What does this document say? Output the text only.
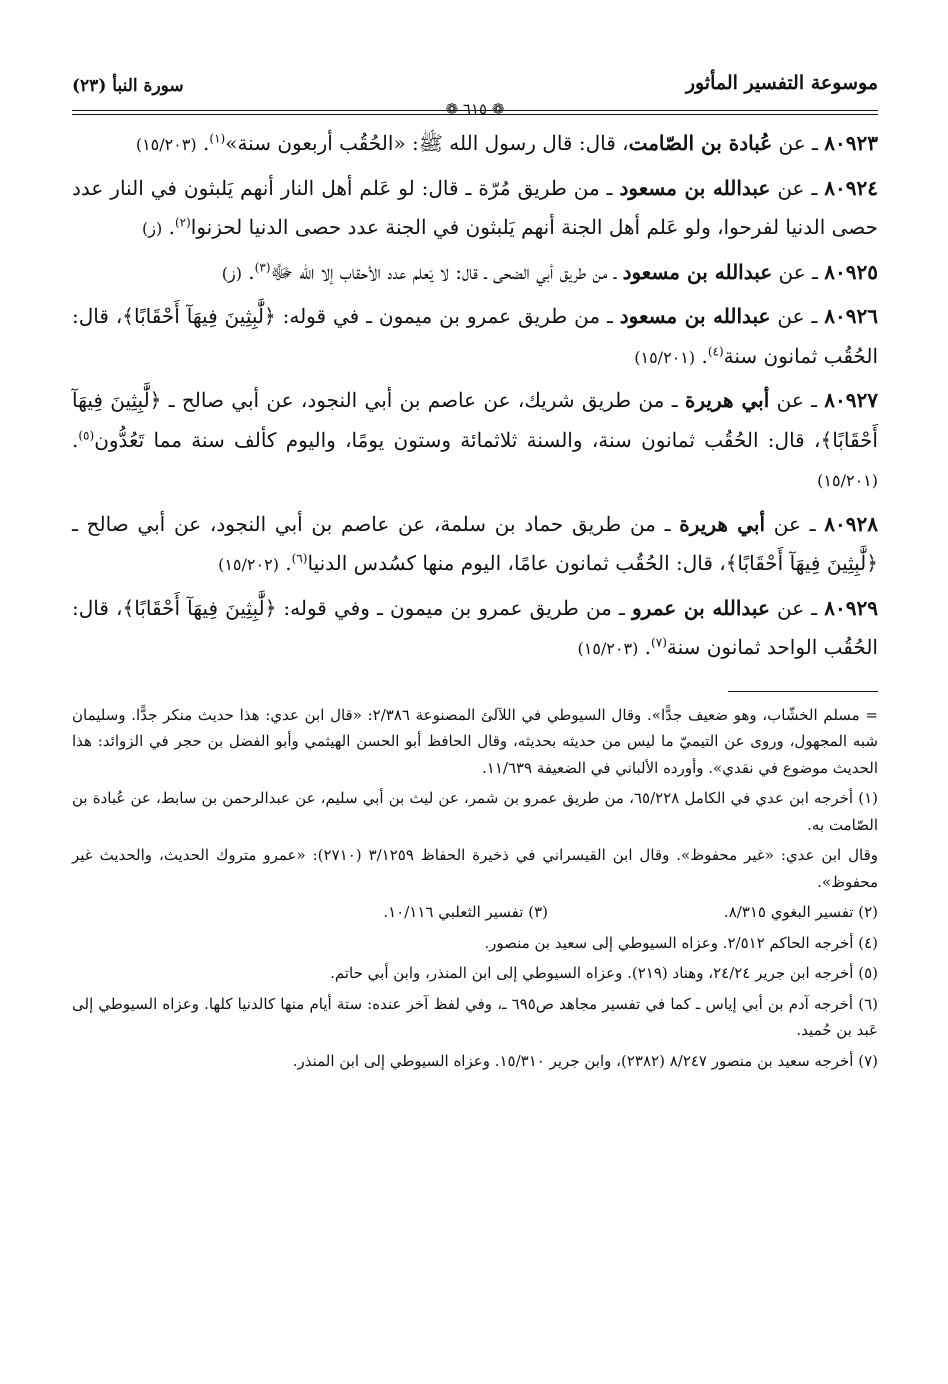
موسوعة التفسير المأثور
سورة النبأ (٢٣)
❁ ٦١٥ ❁

٨٠٩٢٣ ـ عن عُبادة بن الصّامت، قال: قال رسول الله ﷺ: «الحُقُب أربعون سنة»$^{(١)}$. (١٥/٢٠٣)

٨٠٩٢٤ ـ عن عبدالله بن مسعود ـ من طريق مُرّة ـ قال: لو عَلم أهل النار أنهم يَلبثون في النار عدد حصى الدنيا لفرحوا، ولو عَلم أهل الجنة أنهم يَلبثون في الجنة عدد حصى الدنيا لحزنوا$^{(٢)}$. (ز)

٨٠٩٢٥ ـ عن عبدالله بن مسعود ـ من طريق أبي الضحى ـ قال: لا يَعلم عدد الأحقاب إلا الله ﷻ$^{(٣)}$. (ز)

٨٠٩٢٦ ـ عن عبدالله بن مسعود ـ من طريق عمرو بن ميمون ـ في قوله: ﴿لَّٰبِثِينَ فِيهَآ أَحْقَابًا﴾، قال: الحُقُب ثمانون سنة$^{(٤)}$. (١٥/٢٠١)

٨٠٩٢٧ ـ عن أبي هريرة ـ من طريق شريك، عن عاصم بن أبي النجود، عن أبي صالح ـ ﴿لَّٰبِثِينَ فِيهَآ أَحْقَابًا﴾، قال: الحُقُب ثمانون سنة، والسنة ثلاثمائة وستون يومًا، واليوم كألف سنة مما تَعُدُّون$^{(٥)}$. (١٥/٢٠١)

٨٠٩٢٨ ـ عن أبي هريرة ـ من طريق حماد بن سلمة، عن عاصم بن أبي النجود، عن أبي صالح ـ ﴿لَّٰبِثِينَ فِيهَآ أَحْقَابًا﴾، قال: الحُقُب ثمانون عامًا، اليوم منها كسُدس الدنيا$^{(٦)}$. (١٥/٢٠٢)

٨٠٩٢٩ ـ عن عبدالله بن عمرو ـ من طريق عمرو بن ميمون ـ وفي قوله: ﴿لَّٰبِثِينَ فِيهَآ أَحْقَابًا﴾، قال: الحُقُب الواحد ثمانون سنة$^{(٧)}$. (١٥/٢٠٣)

= مسلم الخشّاب، وهو ضعيف جدًّا». وقال السيوطي في اللآلئ المصنوعة ٢/٣٨٦: «قال ابن عدي: هذا حديث منكر جدًّا. وسليمان شبه المجهول، وروى عن التيميّ ما ليس من حديثه بحديثه، وقال الحافظ أبو الحسن الهيثمي وأبو الفضل بن حجر في الزوائد: هذا الحديث موضوع في نقدي». وأورده الألباني في الضعيفة ١١/٦٣٩.

(١) أخرجه ابن عدي في الكامل ٦٥/٢٢٨، من طريق عمرو بن شمر، عن ليث بن أبي سليم، عن عبدالرحمن بن سابط، عن عُبادة بن الصّامت به.

وقال ابن عدي: «غير محفوظ». وقال ابن القيسراني في ذخيرة الحفاظ ٣/١٢٥٩ (٢٧١٠): «عمرو متروك الحديث، والحديث غير محفوظ».

(٢) تفسير البغوي ٨/٣١٥.(٣) تفسير الثعلبي ١٠/١١٦.

(٤) أخرجه الحاكم ٢/٥١٢. وعزاه السيوطي إلى سعيد بن منصور.

(٥) أخرجه ابن جرير ٢٤/٢٤، وهناد (٢١٩). وعزاه السيوطي إلى ابن المنذر، وابن أبي حاتم.

(٦) أخرجه آدم بن أبي إياس ـ كما في تفسير مجاهد ص٦٩٥ ـ، وفي لفظ آخر عنده: ستة أيام منها كالدنيا كلها. وعزاه السيوطي إلى عَبد بن حُميد.

(٧) أخرجه سعيد بن منصور ٨/٢٤٧ (٢٣٨٢)، وابن جرير ١٥/٣١٠. وعزاه السيوطي إلى ابن المنذر.
